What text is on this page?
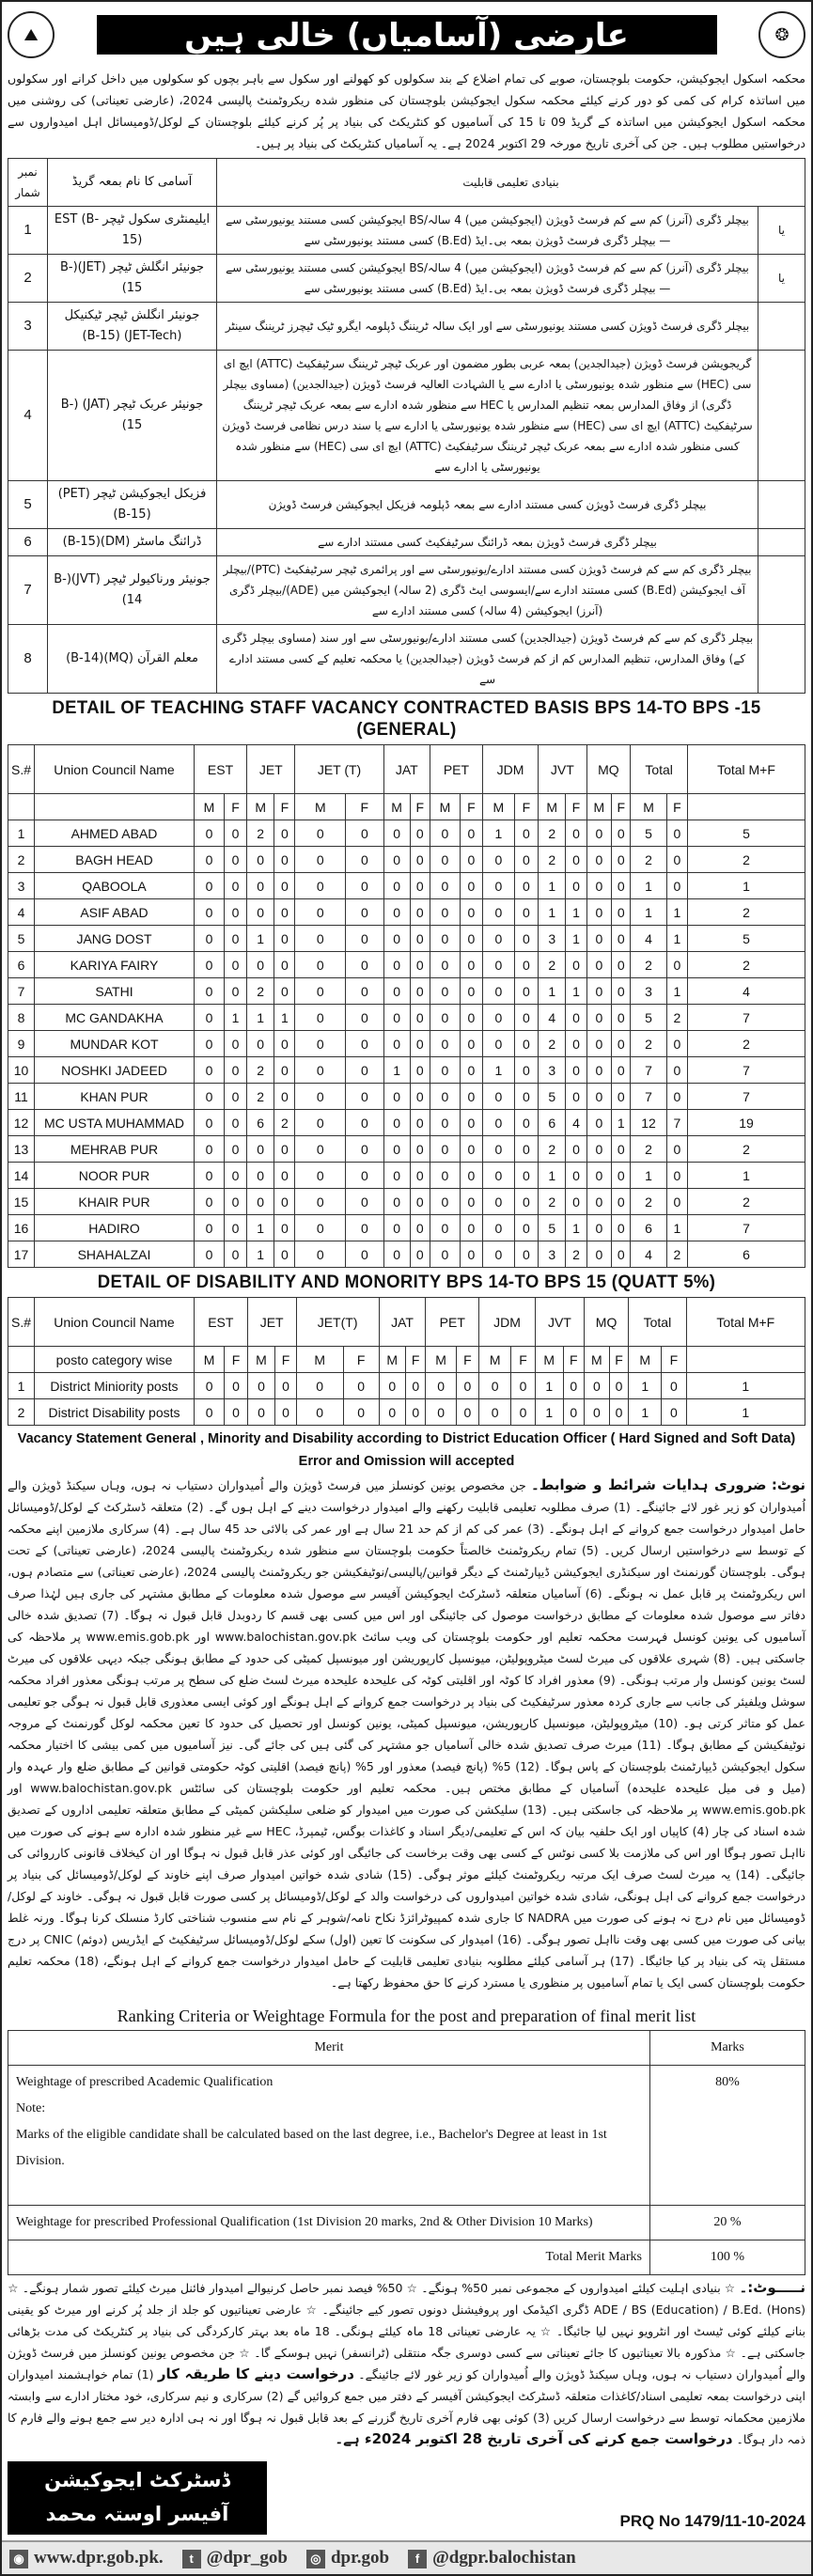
⛰	عارضی (آسامیاں) خالی ہیں	❂

محکمہ اسکول ایجوکیشن، حکومت بلوچستان، صوبے کی تمام اضلاع کے بند سکولوں کو کھولنے اور سکول سے باہر بچوں کو سکولوں میں داخل کرانے اور سکولوں میں اساتذہ کرام کی کمی کو دور کرنے کیلئے محکمہ سکول ایجوکیشن بلوچستان کی منظور شدہ ریکروٹمنٹ پالیسی 2024، (عارضی تعیناتی) کی روشنی میں محکمہ اسکول ایجوکیشن میں اساتذہ کے گریڈ 09 تا 15 کی آسامیوں کو کنٹریکٹ کی بنیاد پر پُر کرنے کیلئے بلوچستان کے لوکل/ڈومیسائل اہل امیدواروں سے درخواستیں مطلوب ہیں۔ جن کی آخری تاریخ مورخہ 29 اکتوبر 2024 ہے۔ یہ آسامیاں کنٹریکٹ کی بنیاد پر ہیں۔

نمبر شمار	آسامی کا نام بمعہ گریڈ	بنیادی تعلیمی قابلیت	
1	ایلیمنٹری سکول ٹیچر EST (B-15)	بیچلر ڈگری (آنرز) کم سے کم فرسٹ ڈویژن (ایجوکیشن میں) 4 سالہ/BS ایجوکیشن کسی مستند یونیورسٹی سے — بیچلر ڈگری فرسٹ ڈویژن بمعہ بی۔ایڈ (B.Ed) کسی مستند یونیورسٹی سے	یا
2	جونیئر انگلش ٹیچر (JET)(B-15)	بیچلر ڈگری (آنرز) کم سے کم فرسٹ ڈویژن (ایجوکیشن میں) 4 سالہ/BS ایجوکیشن کسی مستند یونیورسٹی سے — بیچلر ڈگری فرسٹ ڈویژن بمعہ بی۔ایڈ (B.Ed) کسی مستند یونیورسٹی سے	یا
3	جونیئر انگلش ٹیچر ٹیکنیکل (JET-Tech) (B-15)	بیچلر ڈگری فرسٹ ڈویژن کسی مستند یونیورسٹی سے اور ایک سالہ ٹریننگ ڈپلومہ ایگرو ٹیک ٹیچرز ٹریننگ سینٹر	
4	جونیئر عربک ٹیچر (JAT) (B-15)	گریجویشن فرسٹ ڈویژن (جیدالجدین) بمعہ عربی بطور مضمون اور عربک ٹیچر ٹریننگ سرٹیفکیٹ (ATTC) ایچ ای سی (HEC) سے منظور شدہ یونیورسٹی یا ادارے سے یا الشہادت العالیہ فرسٹ ڈویژن (جیدالجدین) (مساوی بیچلر ڈگری) از وفاق المدارس بمعہ تنظیم المدارس یا HEC سے منظور شدہ ادارے سے بمعہ عربک ٹیچر ٹریننگ سرٹیفکیٹ (ATTC) ایچ ای سی (HEC) سے منظور شدہ یونیورسٹی یا ادارے سے یا سند درس نظامی فرسٹ ڈویژن کسی منظور شدہ ادارے سے بمعہ عربک ٹیچر ٹریننگ سرٹیفکیٹ (ATTC) ایچ ای سی (HEC) سے منظور شدہ یونیورسٹی یا ادارے سے	
5	فزیکل ایجوکیشن ٹیچر (PET)(B-15)	بیچلر ڈگری فرسٹ ڈویژن کسی مستند ادارے سے بمعہ ڈپلومہ فزیکل ایجوکیشن فرسٹ ڈویژن	
6	ڈرائنگ ماسٹر (DM)(B-15)	بیچلر ڈگری فرسٹ ڈویژن بمعہ ڈرائنگ سرٹیفکیٹ کسی مستند ادارے سے	
7	جونیئر ورناکیولر ٹیچر (JVT)(B-14)	بیچلر ڈگری کم سے کم فرسٹ ڈویژن کسی مستند ادارے/یونیورسٹی سے اور پرائمری ٹیچر سرٹیفکیٹ (PTC)/بیچلر آف ایجوکیشن (B.Ed) کسی مستند ادارے سے/ایسوسی ایٹ ڈگری (2 سالہ) ایجوکیشن میں (ADE)/بیچلر ڈگری (آنرز) ایجوکیشن (4 سالہ) کسی مستند ادارے سے	
8	معلم القرآن (MQ)(B-14)	بیچلر ڈگری کم سے کم فرسٹ ڈویژن (جیدالجدین) کسی مستند ادارے/یونیورسٹی سے اور سند (مساوی بیچلر ڈگری کے) وفاق المدارس، تنظیم المدارس کم از کم فرسٹ ڈویژن (جیدالجدین) یا محکمہ تعلیم کے کسی مستند ادارے سے	
DETAIL OF TEACHING STAFF VACANCY CONTRACTED BASIS BPS 14-TO BPS -15 (GENERAL)
S.#	Union Council Name	EST		JET		JET (T)		JAT		PET		JDM		JVT		MQ		Total		Total M+F
		M	F	M	F	M	F	M	F	M	F	M	F	M	F	M	F	M	F	
1	AHMED ABAD	0	0	2	0	0	0	0	0	0	0	1	0	2	0	0	0	5	0	5
2	BAGH HEAD	0	0	0	0	0	0	0	0	0	0	0	0	2	0	0	0	2	0	2
3	QABOOLA	0	0	0	0	0	0	0	0	0	0	0	0	1	0	0	0	1	0	1
4	ASIF ABAD	0	0	0	0	0	0	0	0	0	0	0	0	1	1	0	0	1	1	2
5	JANG DOST	0	0	1	0	0	0	0	0	0	0	0	0	3	1	0	0	4	1	5
6	KARIYA FAIRY	0	0	0	0	0	0	0	0	0	0	0	0	2	0	0	0	2	0	2
7	SATHI	0	0	2	0	0	0	0	0	0	0	0	0	1	1	0	0	3	1	4
8	MC GANDAKHA	0	1	1	1	0	0	0	0	0	0	0	0	4	0	0	0	5	2	7
9	MUNDAR KOT	0	0	0	0	0	0	0	0	0	0	0	0	2	0	0	0	2	0	2
10	NOSHKI JADEED	0	0	2	0	0	0	1	0	0	0	1	0	3	0	0	0	7	0	7
11	KHAN PUR	0	0	2	0	0	0	0	0	0	0	0	0	5	0	0	0	7	0	7
12	MC USTA MUHAMMAD	0	0	6	2	0	0	0	0	0	0	0	0	6	4	0	1	12	7	19
13	MEHRAB PUR	0	0	0	0	0	0	0	0	0	0	0	0	2	0	0	0	2	0	2
14	NOOR PUR	0	0	0	0	0	0	0	0	0	0	0	0	1	0	0	0	1	0	1
15	KHAIR PUR	0	0	0	0	0	0	0	0	0	0	0	0	2	0	0	0	2	0	2
16	HADIRO	0	0	1	0	0	0	0	0	0	0	0	0	5	1	0	0	6	1	7
17	SHAHALZAI	0	0	1	0	0	0	0	0	0	0	0	0	3	2	0	0	4	2	6
DETAIL OF DISABILITY AND MONORITY BPS 14-TO BPS 15 (QUATT 5%)
S.#	Union Council Name	EST		JET		JET(T)		JAT		PET		JDM		JVT		MQ		Total		Total M+F
	posto category wise	M	F	M	F	M	F	M	F	M	F	M	F	M	F	M	F	M	F	
1	District Miniority posts	0	0	0	0	0	0	0	0	0	0	0	0	1	0	0	0	1	0	1
2	District Disability posts	0	0	0	0	0	0	0	0	0	0	0	0	1	0	0	0	1	0	1
Vacancy Statement General , Minority and Disability according to District Education Officer ( Hard Signed and Soft Data) Error and Omission will accepted

نوٹ: ضروری ہدایات شرائط و ضوابط۔ جن مخصوص یونین کونسلز میں فرسٹ ڈویژن والے اُمیدواران دستیاب نہ ہوں، وہاں سیکنڈ ڈویژن والے اُمیدواران کو زیر غور لائے جائینگے۔ (1) صرف مطلوبہ تعلیمی قابلیت رکھنے والے امیدوار درخواست دینے کے اہل ہوں گے۔ (2) متعلقہ ڈسٹرکٹ کے لوکل/ڈومیسائل حامل امیدوار درخواست جمع کروانے کے اہل ہونگے۔ (3) عمر کی کم از کم حد 21 سال ہے اور عمر کی بالائی حد 45 سال ہے۔ (4) سرکاری ملازمین اپنے محکمہ کے توسط سے درخواستیں ارسال کریں۔ (5) تمام ریکروٹمنٹ خالصتاً حکومت بلوچستان سے منظور شدہ ریکروٹمنٹ پالیسی 2024، (عارضی تعیناتی) کے تحت ہوگی۔ بلوچستان گورنمنٹ اور سیکنڈری ایجوکیشن ڈیپارٹمنٹ کے دیگر قوانین/پالیسی/نوٹیفکیشن جو ریکروٹمنٹ پالیسی 2024، (عارضی تعیناتی) سے متصادم ہوں، اس ریکروٹمنٹ پر قابل عمل نہ ہونگے۔ (6) آسامیاں متعلقہ ڈسٹرکٹ ایجوکیشن آفیسر سے موصول شدہ معلومات کے مطابق مشتہر کی جاری ہیں لہٰذا صرف دفاتر سے موصول شدہ معلومات کے مطابق درخواست موصول کی جائینگی اور اس میں کسی بھی قسم کا ردوبدل قابل قبول نہ ہوگا۔ (7) تصدیق شدہ خالی آسامیوں کی یونین کونسل فہرست محکمہ تعلیم اور حکومت بلوچستان کی ویب سائٹ www.balochistan.gov.pk اور www.emis.gob.pk پر ملاحظہ کی جاسکتی ہیں۔ (8) شہری علاقوں کی میرٹ لسٹ میٹروپولیٹن، میونسپل کارپوریشن اور میونسپل کمیٹی کی حدود کے مطابق ہونگی جبکہ دیہی علاقوں کی میرٹ لسٹ یونین کونسل وار مرتب ہونگی۔ (9) معذور افراد کا کوٹہ اور اقلیتی کوٹہ کی علیحدہ علیحدہ میرٹ لسٹ ضلع کی سطح پر مرتب ہونگی معذور افراد محکمہ سوشل ویلفیئر کی جانب سے جاری کردہ معذور سرٹیفکیٹ کی بنیاد پر درخواست جمع کروانے کے اہل ہونگے اور کوئی ایسی معذوری قابل قبول نہ ہوگی جو تعلیمی عمل کو متاثر کرتی ہو۔ (10) میٹروپولیٹن، میونسپل کارپوریشن، میونسپل کمیٹی، یونین کونسل اور تحصیل کی حدود کا تعین محکمہ لوکل گورنمنٹ کے مروجہ نوٹیفکیشن کے مطابق ہوگا۔ (11) میرٹ صرف تصدیق شدہ خالی آسامیاں جو مشتہر کی گئی ہیں کی جائے گی۔ نیز آسامیوں میں کمی بیشی کا اختیار محکمہ سکول ایجوکیشن ڈیپارٹمنٹ بلوچستان کے پاس ہوگا۔ (12) 5% (پانچ فیصد) معذور اور 5% (پانچ فیصد) اقلیتی کوٹہ حکومتی قوانین کے مطابق ضلع وار عہدہ وار (میل و فی میل علیحدہ علیحدہ) آسامیاں کے مطابق مختص ہیں۔ محکمہ تعلیم اور حکومت بلوچستان کی سائٹس www.balochistan.gov.pk اور www.emis.gob.pk پر ملاحظہ کی جاسکتی ہیں۔ (13) سلیکشن کی صورت میں امیدوار کو ضلعی سلیکشن کمیٹی کے مطابق متعلقہ تعلیمی اداروں کے تصدیق شدہ اسناد کی چار (4) کاپیاں اور ایک حلفیہ بیان کہ اس کے تعلیمی/دیگر اسناد و کاغذات بوگس، ٹیمپرڈ، HEC سے غیر منظور شدہ ادارہ سے ہونے کی صورت میں نااہل تصور ہوگا اور اس کی ملازمت بلا کسی نوٹس کے کسی بھی وقت برخاست کی جائیگی اور کوئی عذر قابل قبول نہ ہوگا اور ان کیخلاف قانونی کارروائی کی جائیگی۔ (14) یہ میرٹ لسٹ صرف ایک مرتبہ ریکروٹمنٹ کیلئے موثر ہوگی۔ (15) شادی شدہ خواتین امیدوار صرف اپنے خاوند کے لوکل/ڈومیسائل کی بنیاد پر درخواست جمع کروانے کی اہل ہونگی، شادی شدہ خواتین امیدواروں کی درخواست والد کے لوکل/ڈومیسائل پر کسی صورت قابل قبول نہ ہوگی۔ خاوند کے لوکل/ڈومیسائل میں نام درج نہ ہونے کی صورت میں NADRA کا جاری شدہ کمپیوٹرائزڈ نکاح نامہ/شوہر کے نام سے منسوب شناختی کارڈ منسلک کرنا ہوگا۔ ورنہ غلط بیانی کی صورت میں کسی بھی وقت نااہل تصور ہوگی۔ (16) امیدوار کی سکونت کا تعین (اول) سکے لوکل/ڈومیسائل سرٹیفکیٹ کے ایڈریس (دوئم) CNIC پر درج مستقل پتہ کی بنیاد پر کیا جائیگا۔ (17) ہر آسامی کیلئے مطلوبہ بنیادی تعلیمی قابلیت کے حامل امیدوار درخواست جمع کروانے کے اہل ہونگے، (18) محکمہ تعلیم حکومت بلوچستان کسی ایک یا تمام آسامیوں پر منظوری یا مسترد کرنے کا حق محفوظ رکھتا ہے۔

Ranking Criteria or Weightage Formula for the post and preparation of final merit list
Merit	Marks

Weightage of prescribed Academic Qualification
Note:
Marks of the eligible candidate shall be calculated based on the last degree, i.e., Bachelor's Degree at least in 1st Division.	80%

Weightage for prescribed Professional Qualification (1st Division 20 marks, 2nd & Other Division 10 Marks)	20 %
Total Merit Marks	100 %

نـــــوٹ:۔ ☆ بنیادی اہلیت کیلئے امیدواروں کے مجموعی نمبر 50% ہونگے۔ ☆ 50% فیصد نمبر حاصل کرنیوالے امیدوار فائنل میرٹ کیلئے تصور شمار ہونگے۔ ☆ ADE / BS (Education) / B.Ed. (Hons) ڈگری اکیڈمک اور پروفیشنل دونوں تصور کیے جائینگے۔ ☆ عارضی تعیناتیوں کو جلد از جلد پُر کرنے اور میرٹ کو یقینی بنانے کیلئے کوئی ٹیسٹ اور انٹرویو نہیں لیا جائیگا۔ ☆ یہ عارضی تعیناتی 18 ماہ کیلئے ہونگی۔ 18 ماہ بعد بہتر کارکردگی کی بنیاد پر کنٹریکٹ کی مدت بڑھائی جاسکتی ہے۔ ☆ مذکورہ بالا تعیناتیوں کا جائے تعیناتی سے کسی دوسری جگہ منتقلی (ٹرانسفر) نہیں ہوسکے گا۔ ☆ جن مخصوص یونین کونسلز میں فرسٹ ڈویژن والے اُمیدواران دستیاب نہ ہوں، وہاں سیکنڈ ڈویژن والے اُمیدواران کو زیر غور لائے جائینگے۔ درخواست دینے کا طریقہ کار (1) تمام خواہشمند امیدواران اپنی درخواست بمعہ تعلیمی اسناد/کاغذات متعلقہ ڈسٹرکٹ ایجوکیشن آفیسر کے دفتر میں جمع کروائیں گے (2) سرکاری و نیم سرکاری، خود مختار ادارے سے وابستہ ملازمین محکمانہ توسط سے درخواست ارسال کریں (3) کوئی بھی فارم آخری تاریخ گزرنے کے بعد قابل قبول نہ ہوگا اور نہ ہی ادارہ دیر سے جمع ہونے والے فارم کا ذمہ دار ہوگا۔ درخواست جمع کرنے کی آخری تاریخ 28 اکتوبر 2024ء ہے۔

ڈسٹرکٹ ایجوکیشن
آفیسر اوستہ محمد	PRQ No 1479/11-10-2024
◉ www.dpr.gob.pk.	t @dpr_gob	◎ dpr.gob	f @dgpr.balochistan
